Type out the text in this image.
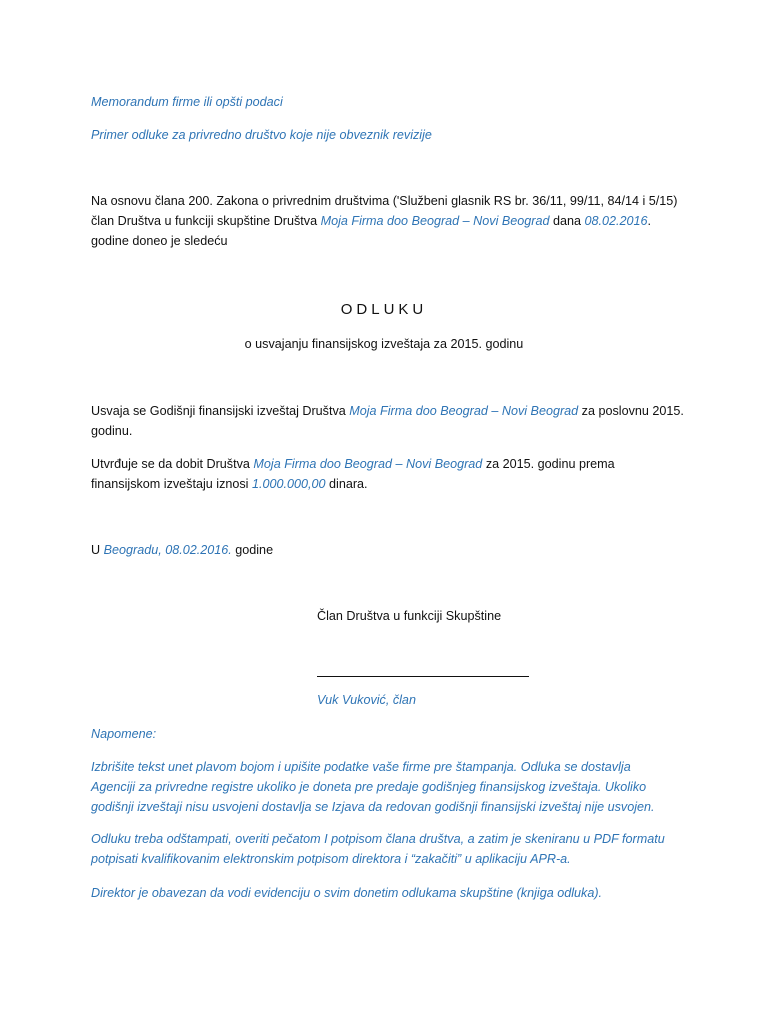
Memorandum firme ili opšti podaci

Primer odluke za privredno društvo koje nije obveznik revizije

Na osnovu člana 200. Zakona o privrednim društvima ('Službeni glasnik RS br. 36/11, 99/11, 84/14 i 5/15) član Društva u funkciji skupštine Društva Moja Firma doo Beograd – Novi Beograd dana 08.02.2016. godine doneo je sledeću

ODLUKU

o usvajanju finansijskog izveštaja za 2015. godinu

Usvaja se Godišnji finansijski izveštaj Društva Moja Firma doo Beograd – Novi Beograd za poslovnu 2015. godinu.

Utvrđuje se da dobit Društva Moja Firma doo Beograd – Novi Beograd za 2015. godinu prema finansijskom izveštaju iznosi 1.000.000,00 dinara.

U Beogradu, 08.02.2016. godine

Član Društva u funkciji Skupštine

Vuk Vuković, član

Napomene:

Izbrišite tekst unet plavom bojom i upišite podatke vaše firme pre štampanja. Odluka se dostavlja Agenciji za privredne registre ukoliko je doneta pre predaje godišnjeg finansijskog izveštaja. Ukoliko godišnji izveštaji nisu usvojeni dostavlja se Izjava da redovan godišnji finansijski izveštaj nije usvojen.

Odluku treba odštampati, overiti pečatom I potpisom člana društva, a zatim je skeniranu u PDF formatu potpisati kvalifikovanim elektronskim potpisom direktora i “zakačiti” u aplikaciju APR-a.

Direktor je obavezan da vodi evidenciju o svim donetim odlukama skupštine (knjiga odluka).
